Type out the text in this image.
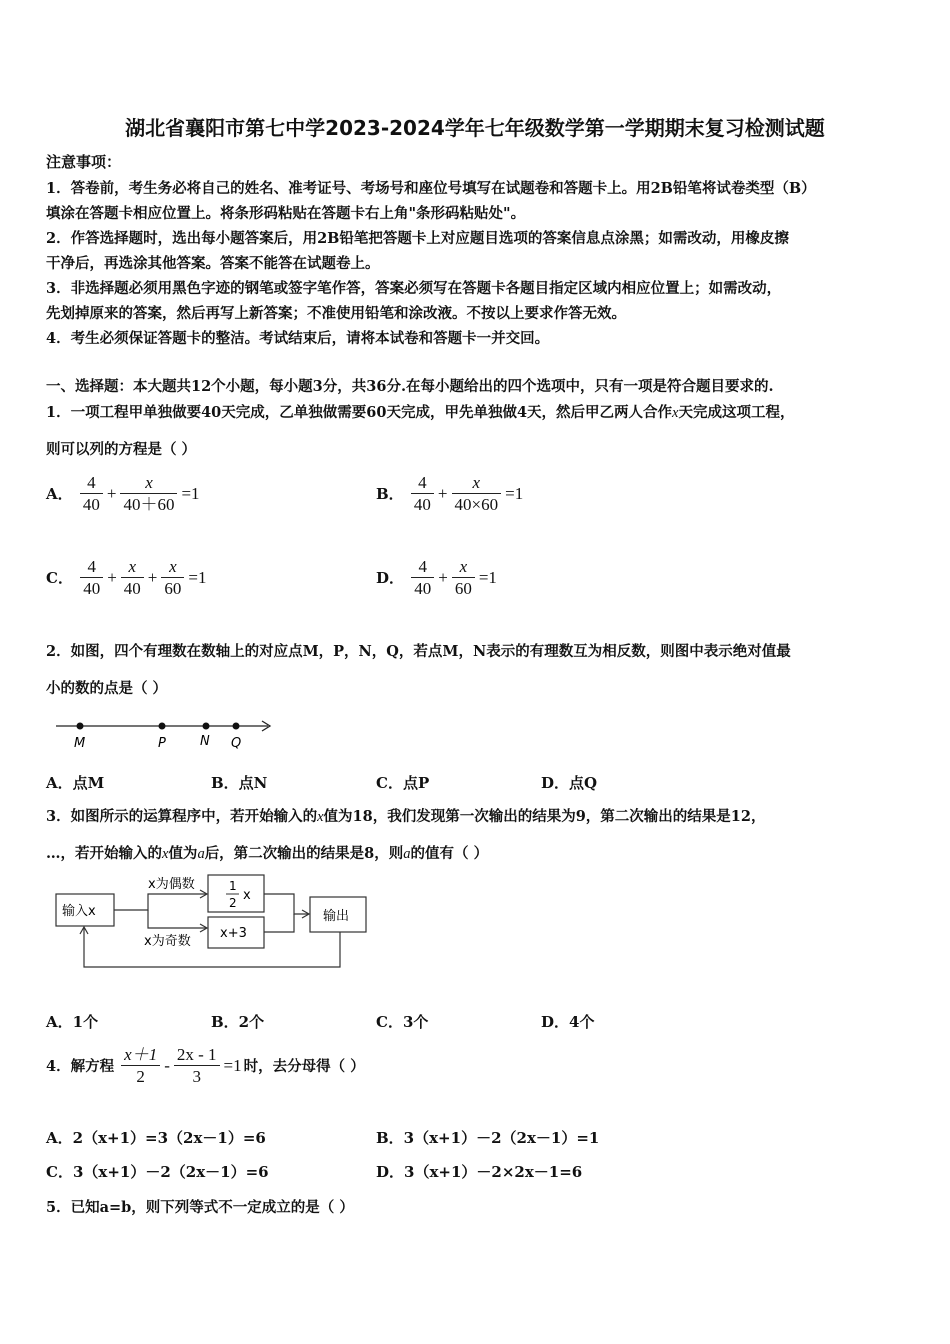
湖北省襄阳市第七中学2023-2024学年七年级数学第一学期期末复习检测试题
注意事项：
1．答卷前，考生务必将自己的姓名、准考证号、考场号和座位号填写在试题卷和答题卡上。用2B铅笔将试卷类型（B）
填涂在答题卡相应位置上。将条形码粘贴在答题卡右上角"条形码粘贴处"。
2．作答选择题时，选出每小题答案后，用2B铅笔把答题卡上对应题目选项的答案信息点涂黑；如需改动，用橡皮擦
干净后，再选涂其他答案。答案不能答在试题卷上。
3．非选择题必须用黑色字迹的钢笔或签字笔作答，答案必须写在答题卡各题目指定区域内相应位置上；如需改动，
先划掉原来的答案，然后再写上新答案；不准使用铅笔和涂改液。不按以上要求作答无效。
4．考生必须保证答题卡的整洁。考试结束后，请将本试卷和答题卡一并交回。
一、选择题：本大题共12个小题，每小题3分，共36分.在每小题给出的四个选项中，只有一项是符合题目要求的.
1．一项工程甲单独做要40天完成，乙单独做需要60天完成，甲先单独做4天，然后甲乙两人合作x天完成这项工程，
则可以列的方程是（ ）
A． $\frac{4}{40} + \frac{x}{40+60} =1$	B． $\frac{4}{40} + \frac{x}{40\times 60} =1$
C． $\frac{4}{40} + \frac{x}{40} + \frac{x}{60} =1$	D． $\frac{4}{40} + \frac{x}{60} =1$
2．如图，四个有理数在数轴上的对应点M，P，N，Q，若点M，N表示的有理数互为相反数，则图中表示绝对值最
小的数的点是（ ）
M	P	N Q
A．点M	B．点N	C．点P	D．点Q
3．如图所示的运算程序中，若开始输入的x值为18，我们发现第一次输出的结果为9，第二次输出的结果是12，
…，若开始输入的x值为a后，第二次输出的结果是8，则a的值有（ ）
输入x
x为偶数
x为奇数
1
2 x
x+3
输出
A．1个	B．2个	C．3个	D．4个
4．解方程 $\frac{x+1}{2} - \frac{2x - 1}{3} =1$ 时，去分母得（ ）
A．2（x+1）=3（2x－1）=6	B．3（x+1）－2（2x－1）=1
C．3（x+1）－2（2x－1）=6	D．3（x+1）－2×2x－1=6
5．已知a=b，则下列等式不一定成立的是（ ）
